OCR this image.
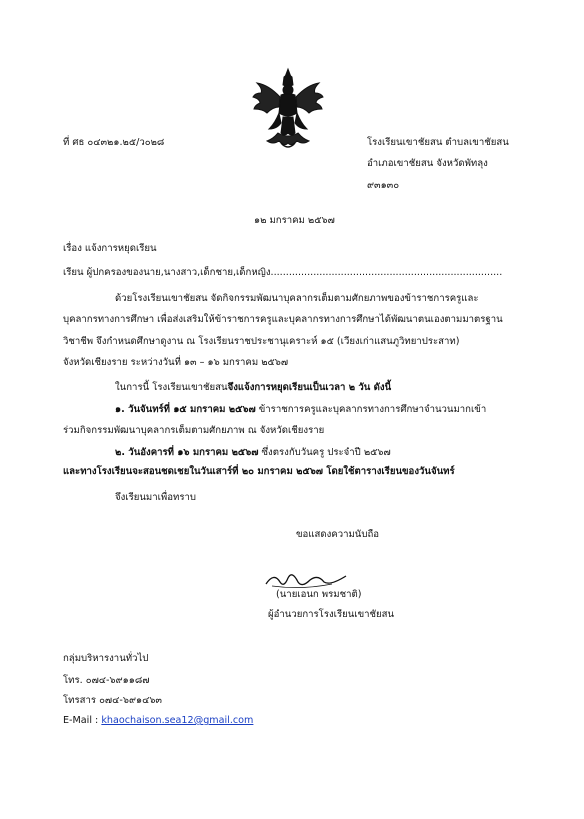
ที่ ศธ ๐๔๓๒๑.๒๕/ว๐๒๘	โรงเรียนเขาชัยสน ตำบลเขาชัยสน
อำเภอเขาชัยสน จังหวัดพัทลุง
๙๓๑๓๐
๑๒ มกราคม ๒๕๖๗
เรื่อง แจ้งการหยุดเรียน
เรียน ผู้ปกครองของนาย,นางสาว,เด็กชาย,เด็กหญิง............................................................................
ด้วยโรงเรียนเขาชัยสน จัดกิจกรรมพัฒนาบุคลากรเต็มตามศักยภาพของข้าราชการครูและ
บุคลากรทางการศึกษา เพื่อส่งเสริมให้ข้าราชการครูและบุคลากรทางการศึกษาได้พัฒนาตนเองตามมาตรฐาน
วิชาชีพ จึงกำหนดศึกษาดูงาน ณ โรงเรียนราชประชานุเคราะห์ ๑๕ (เวียงเก่าแสนภูวิทยาประสาท)
จังหวัดเชียงราย ระหว่างวันที่ ๑๓ – ๑๖ มกราคม ๒๕๖๗
ในการนี้ โรงเรียนเขาชัยสนจึงแจ้งการหยุดเรียนเป็นเวลา ๒ วัน ดังนี้
๑. วันจันทร์ที่ ๑๕ มกราคม ๒๕๖๗ ข้าราชการครูและบุคลากรทางการศึกษาจำนวนมากเข้า
ร่วมกิจกรรมพัฒนาบุคลากรเต็มตามศักยภาพ ณ จังหวัดเชียงราย
๒. วันอังคารที่ ๑๖ มกราคม ๒๕๖๗ ซึ่งตรงกับวันครู ประจำปี ๒๕๖๗
และทางโรงเรียนจะสอนชดเชยในวันเสาร์ที่ ๒๐ มกราคม ๒๕๖๗ โดยใช้ตารางเรียนของวันจันทร์
จึงเรียนมาเพื่อทราบ
ขอแสดงความนับถือ
(นายเอนก พรมชาติ)
ผู้อำนวยการโรงเรียนเขาชัยสน
กลุ่มบริหารงานทั่วไป
โทร. ๐๗๔-๖๙๑๑๘๗
โทรสาร ๐๗๔-๖๙๑๔๖๓
E-Mail : khaochaison.sea12@gmail.com
